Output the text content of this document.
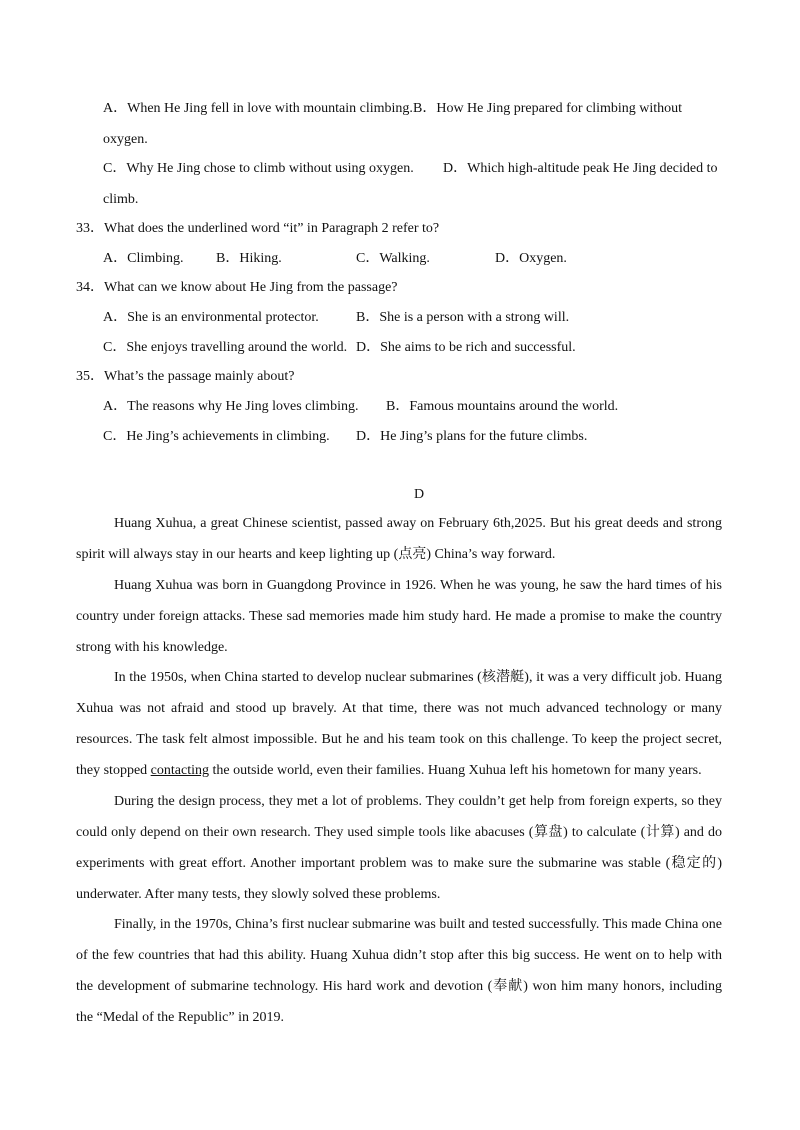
A．When He Jing fell in love with mountain climbing. B．How He Jing prepared for climbing without
oxygen.
C．Why He Jing chose to climb without using oxygen. D．Which high-altitude peak He Jing decided to
climb.
33．What does the underlined word “it” in Paragraph 2 refer to?
A．Climbing. B．Hiking.	C．Walking.	D．Oxygen.
34．What can we know about He Jing from the passage?
A．She is an environmental protector.	B．She is a person with a strong will.
C．She enjoys travelling around the world. D．She aims to be rich and successful.
35．What’s the passage mainly about?
A．The reasons why He Jing loves climbing. B．Famous mountains around the world.
C．He Jing’s achievements in climbing. D．He Jing’s plans for the future climbs.
D

Huang Xuhua, a great Chinese scientist, passed away on February 6th,2025. But his great deeds and strong spirit will always stay in our hearts and keep lighting up (点亮) China’s way forward.

Huang Xuhua was born in Guangdong Province in 1926. When he was young, he saw the hard times of his country under foreign attacks. These sad memories made him study hard. He made a promise to make the country strong with his knowledge.

In the 1950s, when China started to develop nuclear submarines (核潜艇), it was a very difficult job. Huang Xuhua was not afraid and stood up bravely. At that time, there was not much advanced technology or many resources. The task felt almost impossible. But he and his team took on this challenge. To keep the project secret, they stopped contacting the outside world, even their families. Huang Xuhua left his hometown for many years.

During the design process, they met a lot of problems. They couldn’t get help from foreign experts, so they could only depend on their own research. They used simple tools like abacuses (算盘) to calculate (计算) and do experiments with great effort. Another important problem was to make sure the submarine was stable (稳定的) underwater. After many tests, they slowly solved these problems.

Finally, in the 1970s, China’s first nuclear submarine was built and tested successfully. This made China one of the few countries that had this ability. Huang Xuhua didn’t stop after this big success. He went on to help with the development of submarine technology. His hard work and devotion (奉献) won him many honors, including the “Medal of the Republic” in 2019.
